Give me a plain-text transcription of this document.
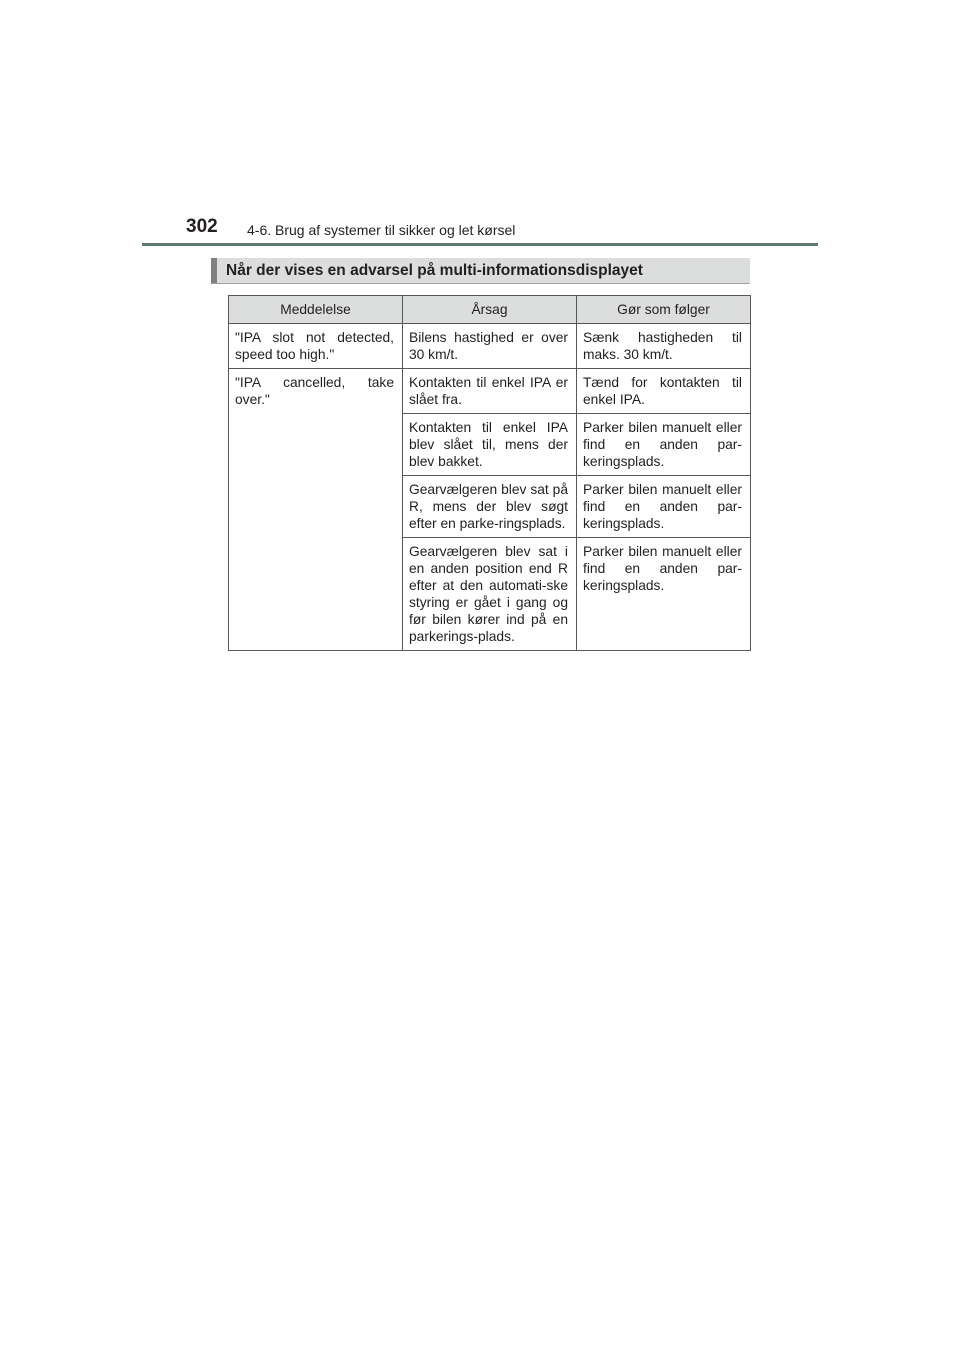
302 4-6. Brug af systemer til sikker og let kørsel
Når der vises en advarsel på multi-informationsdisplayet
Meddelelse	Årsag	Gør som følger
"IPA slot not detected, speed too high."	Bilens hastighed er over 30 km/t.	Sænk hastigheden til maks. 30 km/t.
"IPA cancelled, take over."	Kontakten til enkel IPA er slået fra.	Tænd for kontakten til enkel IPA.
	Kontakten til enkel IPA blev slået til, mens der blev bakket.	Parker bilen manuelt eller find en anden par-keringsplads.
	Gearvælgeren blev sat på R, mens der blev søgt efter en parke-ringsplads.	Parker bilen manuelt eller find en anden par-keringsplads.
	Gearvælgeren blev sat i en anden position end R efter at den automati-ske styring er gået i gang og før bilen kører ind på en parkerings-plads.	Parker bilen manuelt eller find en anden par-keringsplads.
